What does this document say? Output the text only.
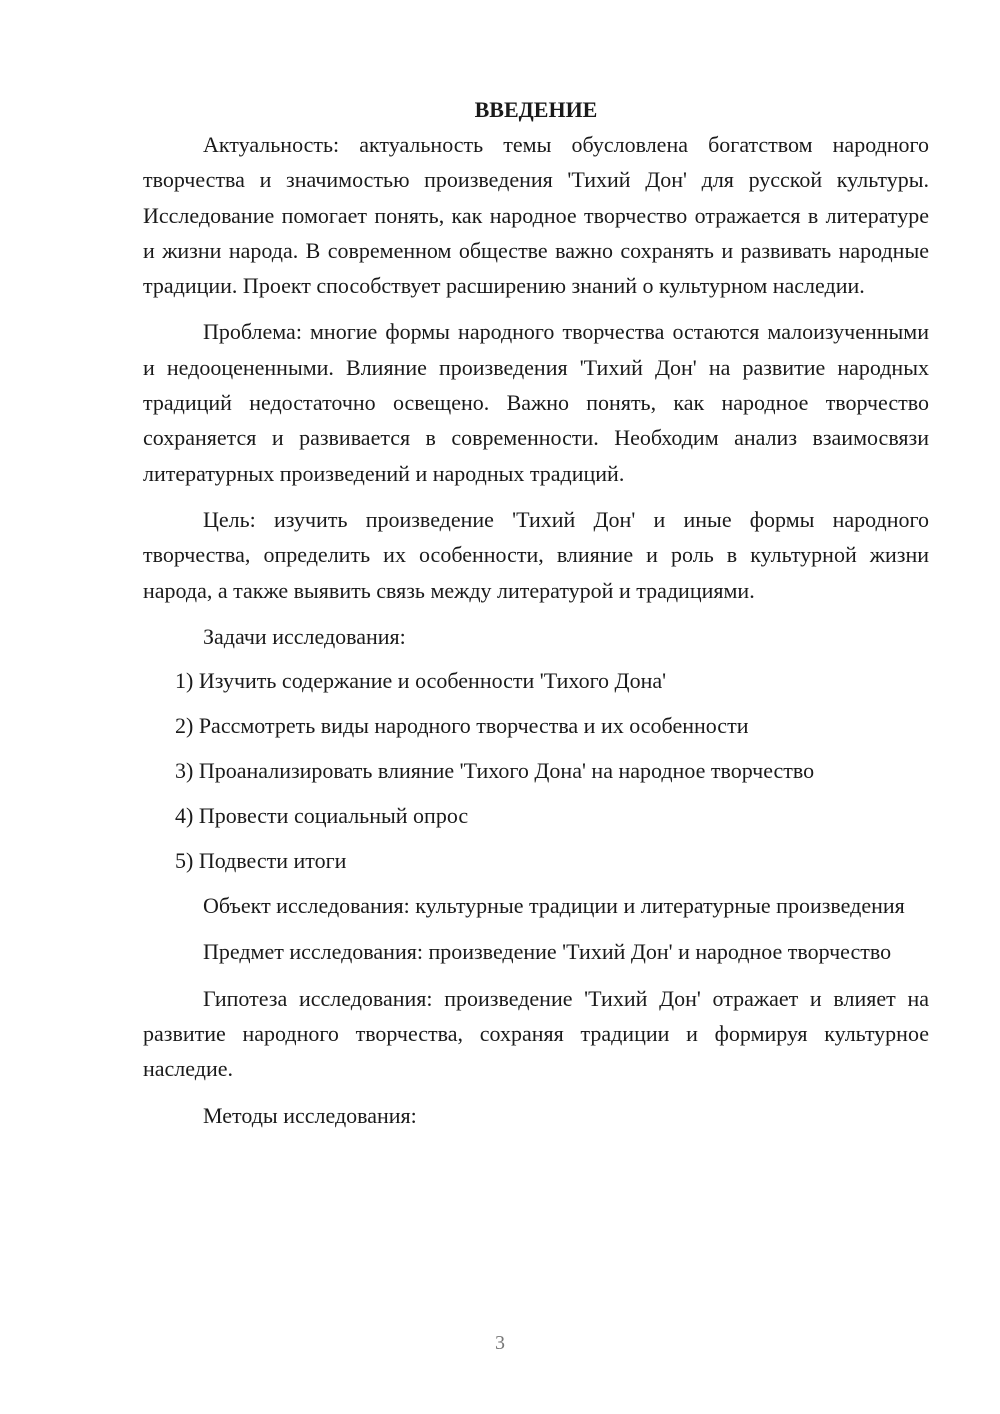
ВВЕДЕНИЕ

Актуальность: актуальность темы обусловлена богатством народного творчества и значимостью произведения 'Тихий Дон' для русской культуры. Исследование помогает понять, как народное творчество отражается в литературе и жизни народа. В современном обществе важно сохранять и развивать народные традиции. Проект способствует расширению знаний о культурном наследии.

Проблема: многие формы народного творчества остаются малоизученными и недооцененными. Влияние произведения 'Тихий Дон' на развитие народных традиций недостаточно освещено. Важно понять, как народное творчество сохраняется и развивается в современности. Необходим анализ взаимосвязи литературных произведений и народных традиций.

Цель: изучить произведение 'Тихий Дон' и иные формы народного творчества, определить их особенности, влияние и роль в культурной жизни народа, а также выявить связь между литературой и традициями.

Задачи исследования:

1) Изучить содержание и особенности 'Тихого Дона'
2) Рассмотреть виды народного творчества и их особенности
3) Проанализировать влияние 'Тихого Дона' на народное творчество
4) Провести социальный опрос
5) Подвести итоги

Объект исследования: культурные традиции и литературные произведения

Предмет исследования: произведение 'Тихий Дон' и народное творчество

Гипотеза исследования: произведение 'Тихий Дон' отражает и влияет на развитие народного творчества, сохраняя традиции и формируя культурное наследие.

Методы исследования:

3
